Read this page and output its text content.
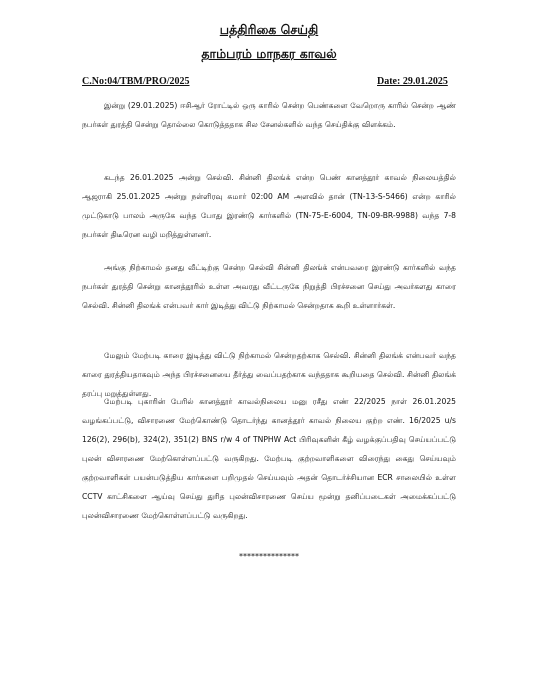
பத்திரிகை செய்தி
தாம்பரம் மாநகர காவல்
C.No:04/TBM/PRO/2025	Date: 29.01.2025

இன்று (29.01.2025) ஈசிஆர் ரோட்டில் ஒரு காரில் சென்ற பெண்களை வேறொரு காரில் சென்ற ஆண் நபர்கள் துரத்தி சென்று தொல்லை கொடுத்ததாக சில சேனல்களில் வந்த செய்திக்கு விளக்கம்.

கடந்த 26.01.2025 அன்று செல்வி. சின்னி திலங்க் என்ற பெண் கானத்தூர் காவல் நிலையத்தில் ஆஜராகி 25.01.2025 அன்று நள்ளிரவு சுமார் 02:00 AM அளவில் தான் (TN-13-S-5466) என்ற காரில் முட்டுகாடு பாலம் அருகே வந்த போது இரண்டு கார்களில் (TN-75-E-6004, TN-09-BR-9988) வந்த 7-8 நபர்கள் திடீரென வழி மறித்துள்ளனர்.

அங்கு நிற்காமல் தனது வீட்டிற்கு சென்ற செல்வி சின்னி திலங்க் என்பவரை இரண்டு கார்களில் வந்த நபர்கள் துரத்தி சென்று கானத்தூரில் உள்ள அவரது வீட்டருகே நிறுத்தி பிரச்சனை செய்து அவர்களது காரை செல்வி. சின்னி திலங்க் என்பவர் கார் இடித்து விட்டு நிற்காமல் சென்றதாக கூறி உள்ளார்கள்.

மேலும் மேற்படி காரை இடித்து விட்டு நிற்காமல் சென்றதற்காக செல்வி. சின்னி திலங்க் என்பவர் வந்த காரை துரத்தியதாகவும் அந்த பிரச்சனையை தீர்த்து வைப்பதற்காக வந்ததாக கூறியதை செல்வி. சின்னி திலங்க் தரப்பு மறுத்துள்ளது.

மேற்படி புகாரின் பேரில் கானத்தூர் காவல்நிலைய மனு ரசீது எண் 22/2025 நாள் 26.01.2025 வழங்கப்பட்டு, விசாரணை மேற்கொண்டு தொடர்ந்து கானத்தூர் காவல் நிலைய குற்ற எண். 16/2025 u/s 126(2), 296(b), 324(2), 351(2) BNS r/w 4 of TNPHW Act பிரிவுகளின் கீழ் வழக்குப்பதிவு செய்யப்பட்டு புலன் விசாரணை மேற்கொள்ளப்பட்டு வருகிறது. மேற்படி குற்றவாளிகளை விரைந்து கைது செய்யவும் குற்றவாளிகள் பயன்படுத்திய கார்களை பறிமுதல் செய்யவும் அதன் தொடர்ச்சியான ECR சாலையில் உள்ள CCTV காட்சிகளை ஆய்வு செய்து துரித புலன்விசாரணை செய்ய மூன்று தனிப்படைகள் அமைக்கப்பட்டு புலன்விசாரணை மேற்கொள்ளப்பட்டு வருகிறது.

***************
